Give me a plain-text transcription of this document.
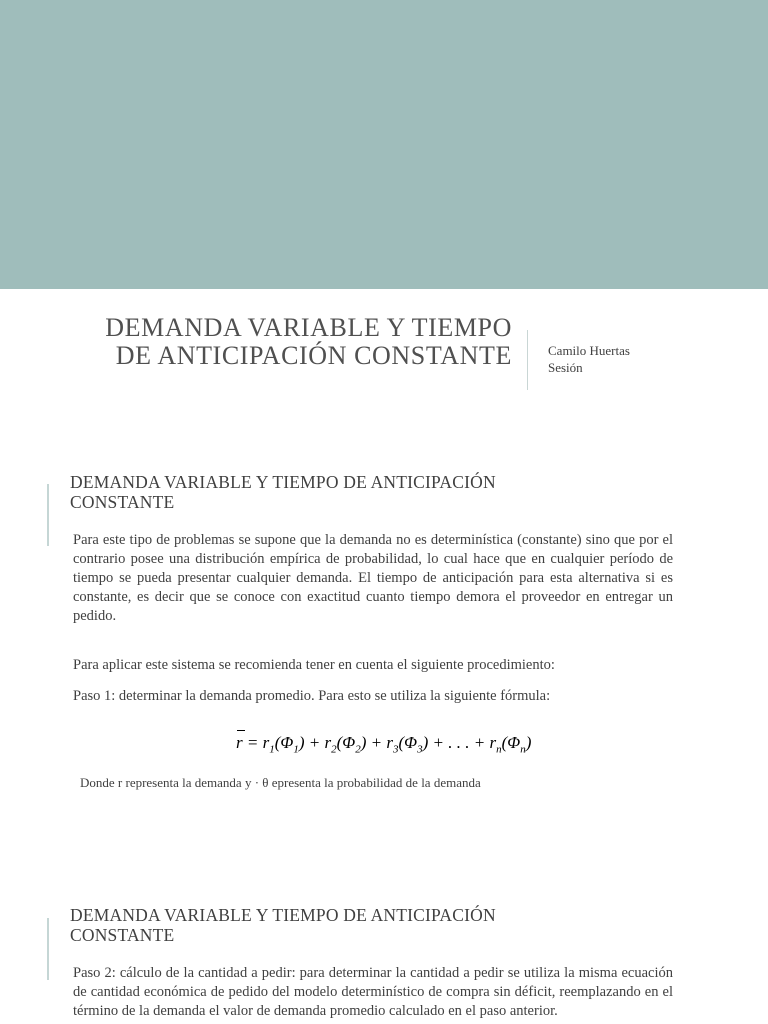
DEMANDA VARIABLE Y TIEMPO
DE ANTICIPACIÓN CONSTANTE	Camilo Huertas
Sesión
DEMANDA VARIABLE Y TIEMPO DE ANTICIPACIÓN
CONSTANTE

Para este tipo de problemas se supone que la demanda no es determinística (constante) sino que por el contrario posee una distribución empírica de probabilidad, lo cual hace que en cualquier período de tiempo se pueda presentar cualquier demanda. El tiempo de anticipación para esta alternativa si es constante, es decir que se conoce con exactitud cuanto tiempo demora el proveedor en entregar un pedido.

Para aplicar este sistema se recomienda tener en cuenta el siguiente procedimiento:

Paso 1: determinar la demanda promedio. Para esto se utiliza la siguiente fórmula:

$r = r_1(\Phi_1) + r_2(\Phi_2) + r_3(\Phi_3)$ + . . . + $r_n(\Phi_n)$
Donde r representa la demanda y · θ epresenta la probabilidad de la demanda
DEMANDA VARIABLE Y TIEMPO DE ANTICIPACIÓN
CONSTANTE

Paso 2: cálculo de la cantidad a pedir: para determinar la cantidad a pedir se utiliza la misma ecuación de cantidad económica de pedido del modelo determinístico de compra sin déficit, reemplazando en el término de la demanda el valor de demanda promedio calculado en el paso anterior.
